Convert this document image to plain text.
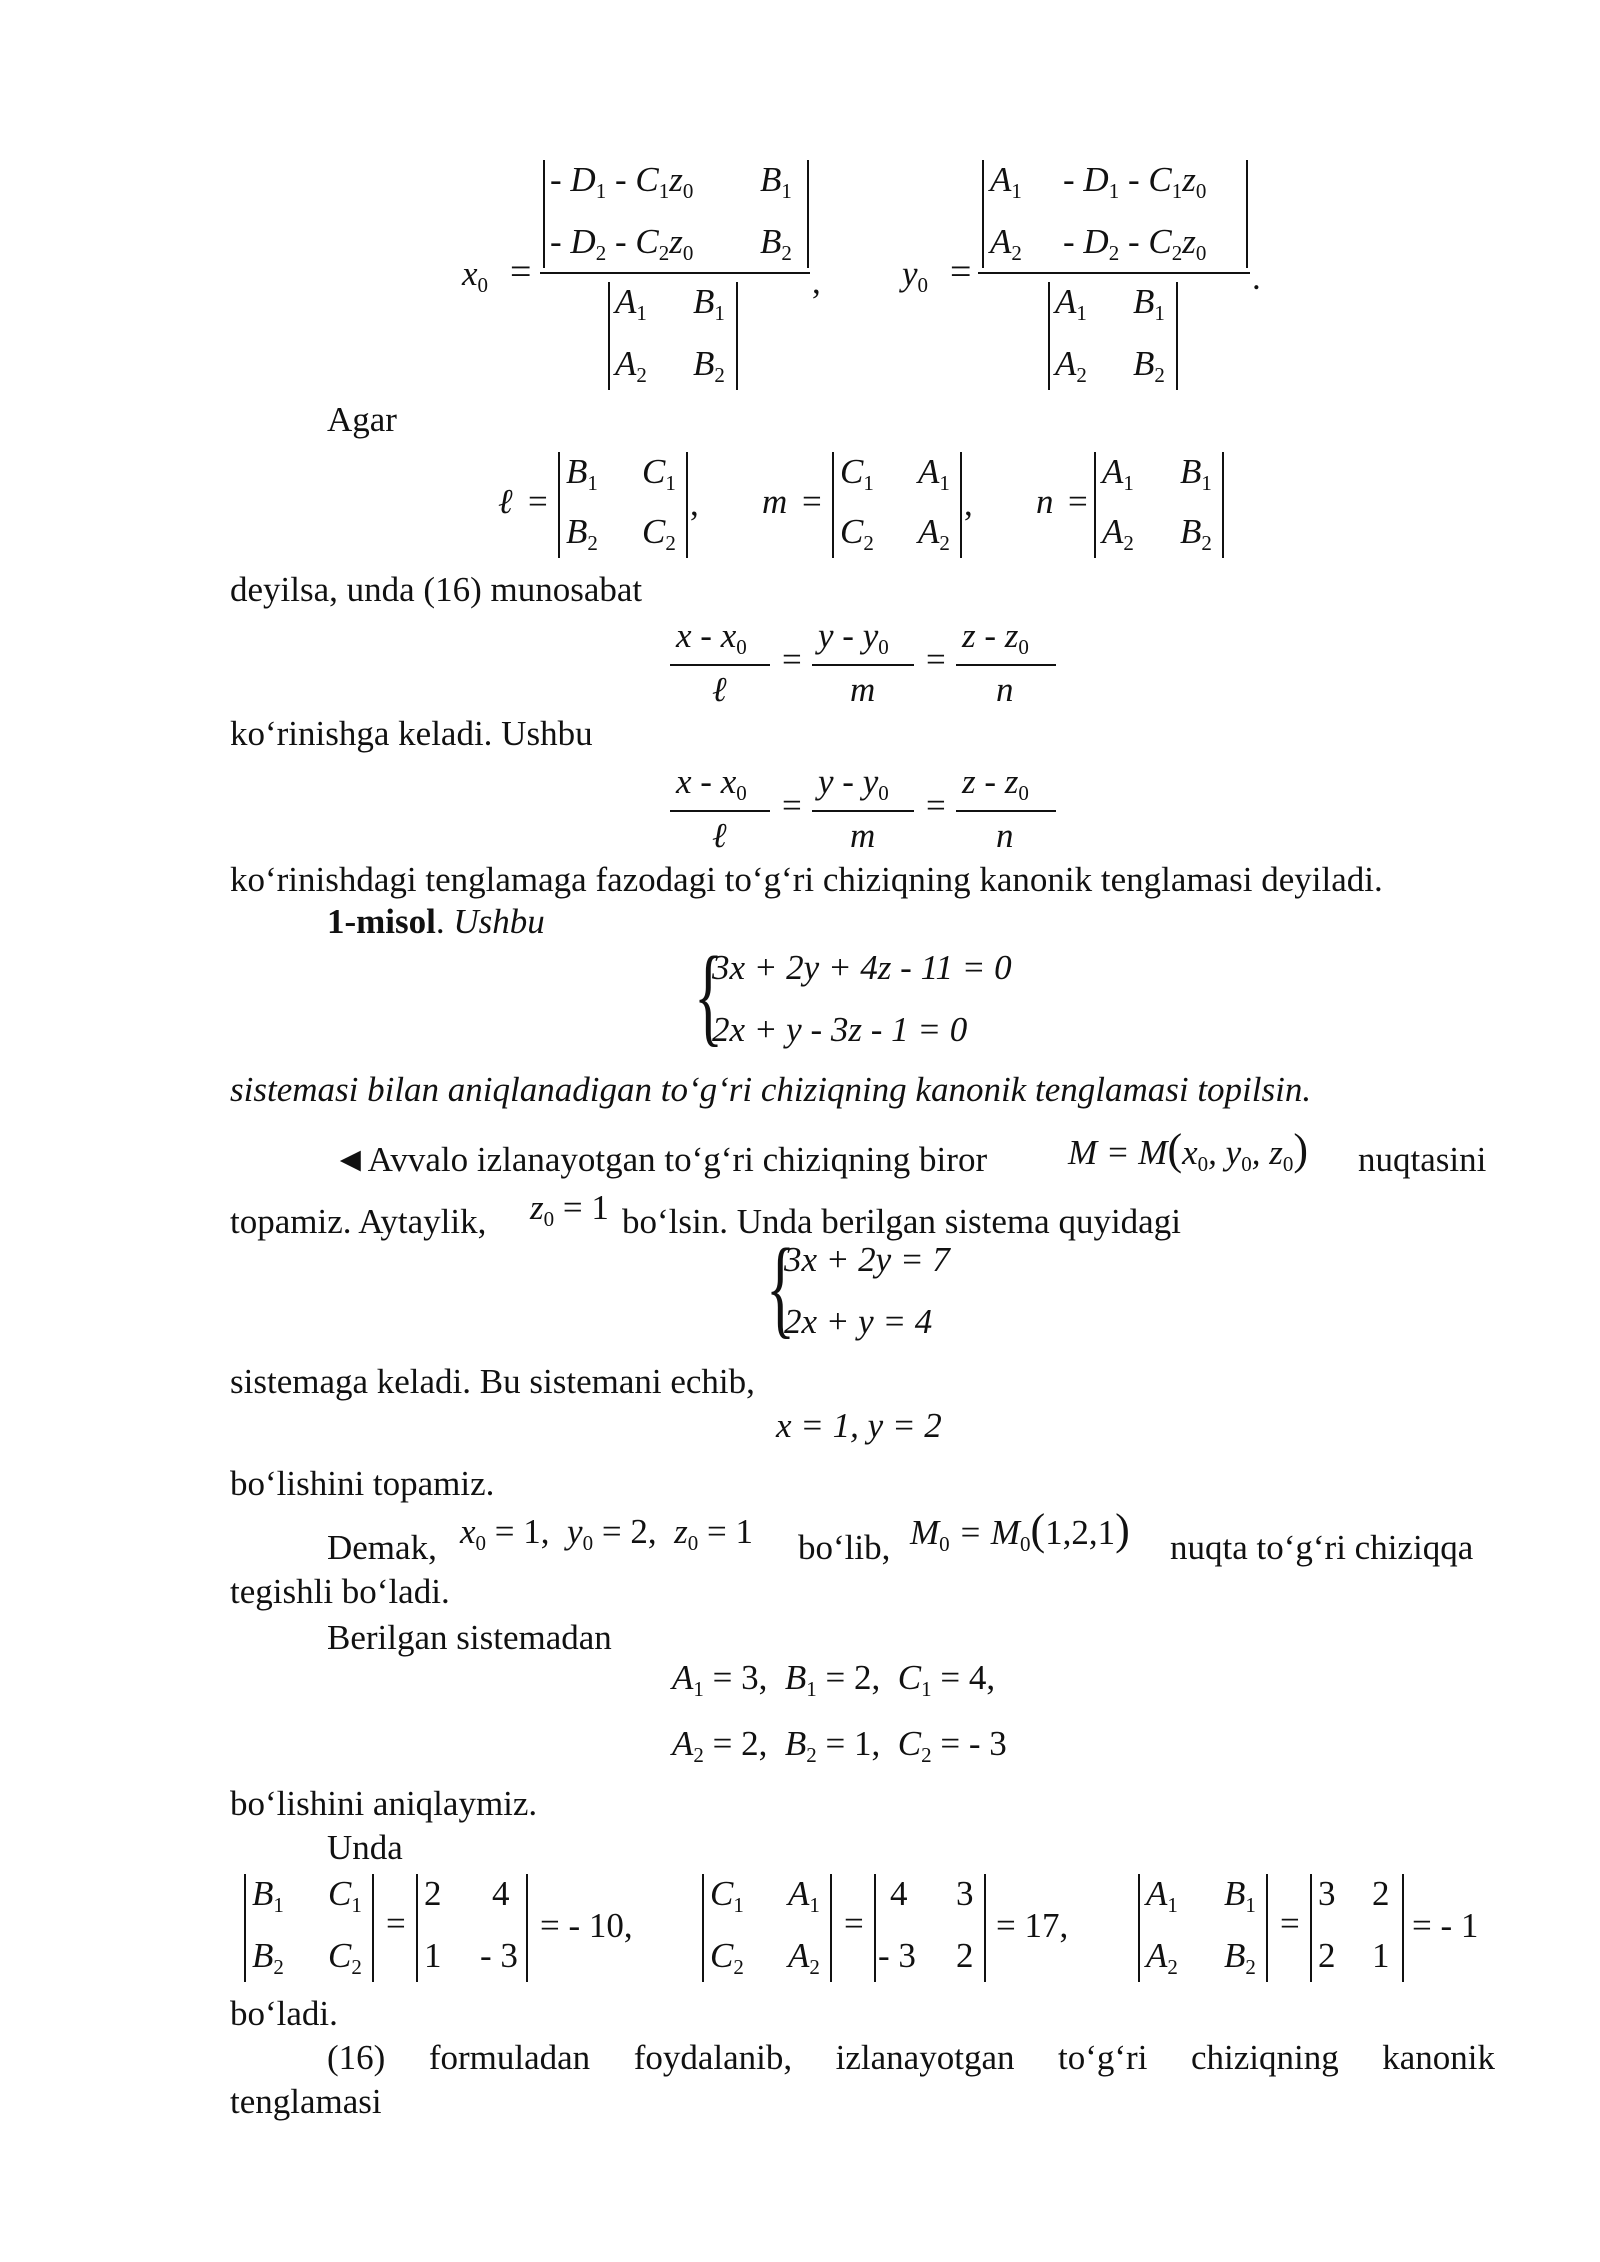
$x_0$ =
- $D_1 - C_1z_0$ $B_1$
- $D_2 - C_2z_0$ $B_2$
$A_1$ $B_1$
$A_2$ $B_2$
, $y_0$ =
$A_1 - D_1 - C_1z_0$
$A_2 - D_2 - C_2z_0$
$A_1$ $B_1$
$A_2$ $B_2$
.
Agar
ℓ =
$B_1$ $C_1$
$B_2$ $C_2$
, m =
$C_1$ $A_1$
$C_2$ $A_2$
, n =
$A_1$ $B_1$
$A_2$ $B_2$
deyilsa, unda (16) munosabat
x - $x_0$
ℓ
=
y - $y_0$
m
=
z - $z_0$
n
koʻrinishga keladi. Ushbu
x - $x_0$
ℓ
=
y - $y_0$
m
=
z - $z_0$
n
koʻrinishdagi tenglamaga fazodagi toʻgʻri chiziqning kanonik tenglamasi deyiladi.
1-misol. Ushbu
{
3x + 2y + 4z - 11 = 0
2x + y - 3z - 1 = 0
sistemasi bilan aniqlanadigan toʻgʻri chiziqning kanonik tenglamasi topilsin.
◄Avvalo izlanayotgan toʻgʻri chiziqning biror $M = M(x_0$, $y_0$, $z_0$) nuqtasini
topamiz. Aytaylik, $z_0 = 1$ boʻlsin. Unda berilgan sistema quyidagi
{
3x + 2y = 7
2x + y = 4
sistemaga keladi. Bu sistemani echib,
x = 1, y = 2
boʻlishini topamiz.
Demak, $x_0 = 1$,  $y_0 = 2$,  $z_0 = 1$ boʻlib, $M_0 = M_0(1,2,1)$ nuqta toʻgʻri chiziqqa
tegishli boʻladi.
Berilgan sistemadan
$A_1 = 3$,  $B_1 = 2$,  $C_1 = 4$,
$A_2 = 2$,  $B_2 = 1$,  $C_2$ = - 3
boʻlishini aniqlaymiz.
Unda
$B_1$ $C_1$
$B_2$ $C_2$
=
2 4
1 - 3
= - 10,
$C_1$ $A_1$
$C_2$ $A_2$
=
4 3
- 3 2
= 17,
$A_1$ $B_1$
$A_2$ $B_2$
=
3 2
2 1
= - 1
boʻladi.
(16) formuladan foydalanib, izlanayotgan toʻgʻri chiziqning kanonik
tenglamasi
